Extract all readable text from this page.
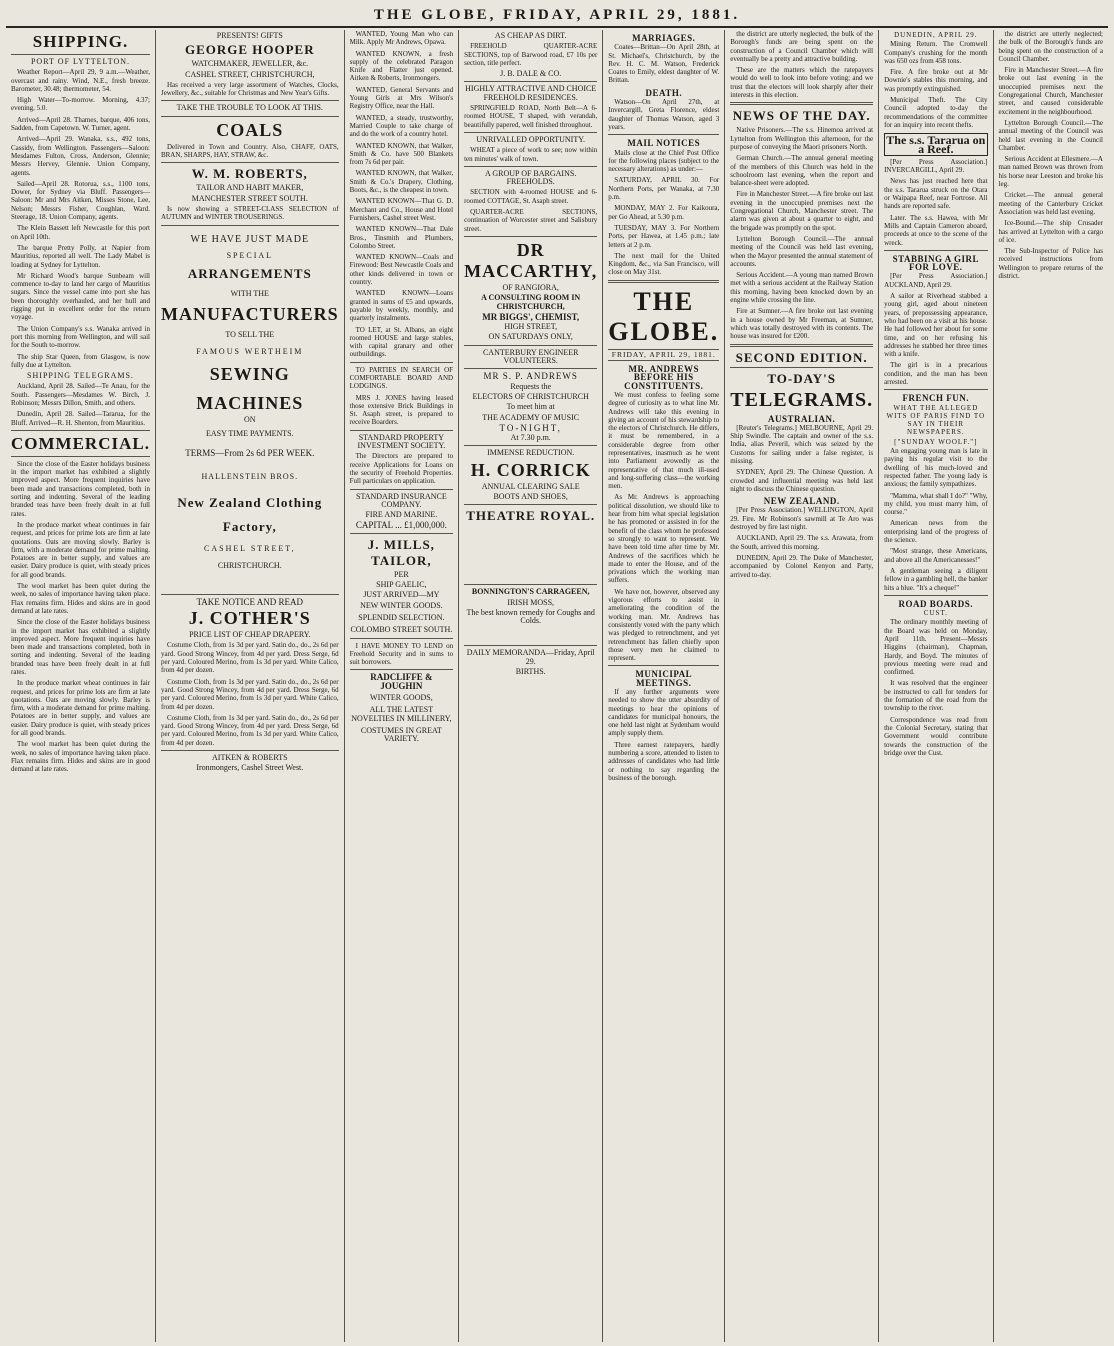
THE GLOBE, FRIDAY, APRIL 29, 1881.
SHIPPING.
PORT OF LYTTELTON.

Weather Report—April 29, 9 a.m.—Weather, overcast and rainy. Wind, N.E., fresh breeze. Barometer, 30.48; thermometer, 54.

High Water—To-morrow. Morning, 4.37; evening, 5.0.

Arrived—April 28. Thames, barque, 406 tons, Sadden, from Capetown. W. Turner, agent.

Arrived—April 29. Wanaka, s.s., 492 tons, Cassidy, from Wellington. Passengers—Saloon: Mesdames Fulton, Cross, Anderson, Glennie; Messrs Hervey, Glennie. Union Company, agents.

Sailed—April 28. Rotorua, s.s., 1100 tons, Dower, for Sydney via Bluff. Passengers—Saloon: Mr and Mrs Aitken, Misses Stone, Lee, Nelson; Messrs Fisher, Coughlan, Ward. Steerage, 18. Union Company, agents.

The Klein Bassett left Newcastle for this port on April 10th.

The barque Pretty Polly, at Napier from Mauritius, reported all well. The Lady Mabel is loading at Sydney for Lyttelton.

Mr Richard Wood's barque Sunbeam will commence to-day to land her cargo of Mauritius sugars. Since the vessel came into port she has been thoroughly overhauled, and her hull and rigging put in excellent order for the return voyage.

The Union Company's s.s. Wanaka arrived in port this morning from Wellington, and will sail for the South to-morrow.

The ship Star Queen, from Glasgow, is now fully due at Lyttelton.

SHIPPING TELEGRAMS.

Auckland, April 28. Sailed—Te Anau, for the South. Passengers—Mesdames W. Birch, J. Robinson; Messrs Dillon, Smith, and others.

Dunedin, April 28. Sailed—Tararua, for the Bluff. Arrived—R. H. Shenton, from Mauritius.

COMMERCIAL.

Since the close of the Easter holidays business in the import market has exhibited a slightly improved aspect. More frequent inquiries have been made and transactions completed, both in sorting and indenting. Several of the leading branded teas have been freely dealt in at full rates.

In the produce market wheat continues in fair request, and prices for prime lots are firm at late quotations. Oats are moving slowly. Barley is firm, with a moderate demand for prime malting. Potatoes are in better supply, and values are easier. Dairy produce is quiet, with steady prices for all good brands.

The wool market has been quiet during the week, no sales of importance having taken place. Flax remains firm. Hides and skins are in good demand at late rates.

Since the close of the Easter holidays business in the import market has exhibited a slightly improved aspect. More frequent inquiries have been made and transactions completed, both in sorting and indenting. Several of the leading branded teas have been freely dealt in at full rates.

In the produce market wheat continues in fair request, and prices for prime lots are firm at late quotations. Oats are moving slowly. Barley is firm, with a moderate demand for prime malting. Potatoes are in better supply, and values are easier. Dairy produce is quiet, with steady prices for all good brands.

The wool market has been quiet during the week, no sales of importance having taken place. Flax remains firm. Hides and skins are in good demand at late rates.

PRESENTS! GIFTS
GEORGE HOOPER
WATCHMAKER, JEWELLER, &c.
CASHEL STREET, CHRISTCHURCH,

Has received a very large assortment of Watches, Clocks, Jewellery, &c., suitable for Christmas and New Year's Gifts.

TAKE THE TROUBLE TO LOOK AT THIS.
COALS

Delivered in Town and Country. Also, CHAFF, OATS, BRAN, SHARPS, HAY, STRAW, &c.

W. M. ROBERTS,
TAILOR AND HABIT MAKER,
MANCHESTER STREET SOUTH.

Is now showing a STREET-CLASS SELECTION of AUTUMN and WINTER TROUSERINGS.

WE HAVE JUST MADE
SPECIAL
ARRANGEMENTS
WITH THE
MANUFACTURERS
TO SELL THE
FAMOUS WERTHEIM
SEWING
MACHINES
ON
EASY TIME PAYMENTS.
TERMS—From 2s 6d PER WEEK.
HALLENSTEIN BROS.
New Zealand Clothing
Factory,
CASHEL STREET,
CHRISTCHURCH.
TAKE NOTICE AND READ
J. COTHER'S
PRICE LIST OF CHEAP DRAPERY.

Costume Cloth, from 1s 3d per yard. Satin do., do., 2s 6d per yard. Good Strong Wincey, from 4d per yard. Dress Serge, 6d per yard. Coloured Merino, from 1s 3d per yard. White Calico, from 4d per dozen.

Costume Cloth, from 1s 3d per yard. Satin do., do., 2s 6d per yard. Good Strong Wincey, from 4d per yard. Dress Serge, 6d per yard. Coloured Merino, from 1s 3d per yard. White Calico, from 4d per dozen.

Costume Cloth, from 1s 3d per yard. Satin do., do., 2s 6d per yard. Good Strong Wincey, from 4d per yard. Dress Serge, 6d per yard. Coloured Merino, from 1s 3d per yard. White Calico, from 4d per dozen.

AITKEN & ROBERTS
Ironmongers, Cashel Street West.

WANTED, Young Man who can Milk. Apply Mr Andrews, Opawa.

WANTED KNOWN, a fresh supply of the celebrated Paragon Knife and Flatter just opened. Aitken & Roberts, Ironmongers.

WANTED, General Servants and Young Girls at Mrs Wilson's Registry Office, near the Hall.

WANTED, a steady, trustworthy, Married Couple to take charge of and do the work of a country hotel.

WANTED KNOWN, that Walker, Smith & Co. have 500 Blankets from 7s 6d per pair.

WANTED KNOWN, that Walker, Smith & Co.'s Drapery, Clothing, Boots, &c., is the cheapest in town.

WANTED KNOWN—That G. D. Merchant and Co., House and Hotel Furnishers, Cashel street West.

WANTED KNOWN—That Dale Bros., Tinsmith and Plumbers, Colombo Street.

WANTED KNOWN—Coals and Firewood: Best Newcastle Coals and other kinds delivered in town or country.

WANTED KNOWN—Loans granted in sums of £5 and upwards, payable by weekly, monthly, and quarterly instalments.

TO LET, at St. Albans, an eight roomed HOUSE and large stables, with capital granary and other outbuildings.

TO PARTIES IN SEARCH OF COMFORTABLE BOARD AND LODGINGS.

MRS J. JONES having leased those extensive Brick Buildings in St. Asaph street, is prepared to receive Boarders.

STANDARD PROPERTY INVESTMENT SOCIETY.

The Directors are prepared to receive Applications for Loans on the security of Freehold Properties. Full particulars on application.

STANDARD INSURANCE COMPANY.
FIRE AND MARINE.
CAPITAL ... £1,000,000.
J. MILLS, TAILOR,
PER
SHIP GAELIC,
JUST ARRIVED—MY
NEW WINTER GOODS.
SPLENDID SELECTION.
COLOMBO STREET SOUTH.

I HAVE MONEY TO LEND on Freehold Security and in sums to suit borrowers.

RADCLIFFE & JOUGHIN
WINTER GOODS,
ALL THE LATEST NOVELTIES IN MILLINERY,
COSTUMES IN GREAT VARIETY.
AS CHEAP AS DIRT.

FREEHOLD QUARTER-ACRE SECTIONS, top of Barwood road, £7 10s per section, title perfect.

J. B. DALE & CO.
HIGHLY ATTRACTIVE AND CHOICE FREEHOLD RESIDENCES.

SPRINGFIELD ROAD, North Belt—A 6-roomed HOUSE, T shaped, with verandah, beautifully papered, well finished throughout.

UNRIVALLED OPPORTUNITY.

WHEAT a piece of work to see; now within ten minutes' walk of town.

A GROUP OF BARGAINS. FREEHOLDS.

SECTION with 4-roomed HOUSE and 6-roomed COTTAGE, St. Asaph street.

QUARTER-ACRE SECTIONS, continuation of Worcester street and Salisbury street.

DR MACCARTHY,
OF RANGIORA,
A CONSULTING ROOM IN CHRISTCHURCH,
MR BIGGS', CHEMIST,
HIGH STREET,
ON SATURDAYS ONLY,
CANTERBURY ENGINEER VOLUNTEERS.
MR S. P. ANDREWS
Requests the
ELECTORS OF CHRISTCHURCH
To meet him at
THE ACADEMY OF MUSIC
TO-NIGHT,
At 7.30 p.m.
IMMENSE REDUCTION.
H. CORRICK
ANNUAL CLEARING SALE
BOOTS AND SHOES,
THEATRE ROYAL.
BONNINGTON'S CARRAGEEN,
IRISH MOSS,
The best known remedy for Coughs and Colds.
DAILY MEMORANDA—Friday, April 29.
BIRTHS.
MARRIAGES.

Coates—Brittan—On April 28th, at St. Michael's, Christchurch, by the Rev. H. C. M. Watson, Frederick Coates to Emily, eldest daughter of W. Brittan.

DEATH.

Watson—On April 27th, at Invercargill, Greta Florence, eldest daughter of Thomas Watson, aged 3 years.

MAIL NOTICES

Mails close at the Chief Post Office for the following places (subject to the necessary alterations) as under:—

SATURDAY, APRIL 30. For Northern Ports, per Wanaka, at 7.30 p.m.

MONDAY, MAY 2. For Kaikoura, per Go Ahead, at 5.30 p.m.

TUESDAY, MAY 3. For Northern Ports, per Hawea, at 1.45 p.m.; late letters at 2 p.m.

The next mail for the United Kingdom, &c., via San Francisco, will close on May 31st.

THE GLOBE.
FRIDAY, APRIL 29, 1881.
MR. ANDREWS BEFORE HIS CONSTITUENTS.

We must confess to feeling some degree of curiosity as to what line Mr. Andrews will take this evening in giving an account of his stewardship to the electors of Christchurch. He differs, it must be remembered, in a considerable degree from other representatives, inasmuch as he went into Parliament avowedly as the representative of that much ill-used and long-suffering class—the working men.

As Mr. Andrews is approaching political dissolution, we should like to hear from him what special legislation he has promoted or assisted in for the benefit of the class whom he professed so strongly to want to represent. We have been told time after time by Mr. Andrews of the sacrifices which he made to enter the House, and of the privations which the working man suffers.

We have not, however, observed any vigorous efforts to assist in ameliorating the condition of the working man. Mr. Andrews has consistently voted with the party which was pledged to retrenchment, and yet retrenchment has fallen chiefly upon those very men he claimed to represent.

MUNICIPAL MEETINGS.

If any further arguments were needed to show the utter absurdity of meetings to hear the opinions of candidates for municipal honours, the one held last night at Sydenham would amply supply them.

Three earnest ratepayers, hardly numbering a score, attended to listen to addresses of candidates who had little or nothing to say regarding the business of the borough.

the district are utterly neglected, the bulk of the Borough's funds are being spent on the construction of a Council Chamber which will eventually be a pretty and attractive building.

These are the matters which the ratepayers would do well to look into before voting; and we trust that the electors will look sharply after their interests in this election.

NEWS OF THE DAY.

Native Prisoners.—The s.s. Hinemoa arrived at Lyttelton from Wellington this afternoon, for the purpose of conveying the Maori prisoners North.

German Church.—The annual general meeting of the members of this Church was held in the schoolroom last evening, when the report and balance-sheet were adopted.

Fire in Manchester Street.—A fire broke out last evening in the unoccupied premises next the Congregational Church, Manchester street. The alarm was given at about a quarter to eight, and the brigade was promptly on the spot.

Lyttelton Borough Council.—The annual meeting of the Council was held last evening, when the Mayor presented the annual statement of accounts.

Serious Accident.—A young man named Brown met with a serious accident at the Railway Station this morning, having been knocked down by an engine while crossing the line.

Fire at Sumner.—A fire broke out last evening in a house owned by Mr Freeman, at Sumner, which was totally destroyed with its contents. The house was insured for £200.

SECOND EDITION.
TO-DAY'S
TELEGRAMS.
AUSTRALIAN.

[Reuter's Telegrams.] MELBOURNE, April 29. Ship Swindle. The captain and owner of the s.s. India, alias Peveril, which was seized by the Customs for sailing under a false register, is missing.

SYDNEY, April 29. The Chinese Question. A crowded and influential meeting was held last night to discuss the Chinese question.

NEW ZEALAND.

[Per Press Association.] WELLINGTON, April 29. Fire. Mr Robinson's sawmill at Te Aro was destroyed by fire last night.

AUCKLAND, April 29. The s.s. Arawata, from the South, arrived this morning.

DUNEDIN, April 29. The Duke of Manchester, accompanied by Colonel Kenyon and Party, arrived to-day.

DUNEDIN, APRIL 29.

Mining Return. The Cromwell Company's crushing for the month was 650 ozs from 458 tons.

Fire. A fire broke out at Mr Downie's stables this morning, and was promptly extinguished.

Municipal Theft. The City Council adopted to-day the recommendations of the committee for an inquiry into recent thefts.

The s.s. Tararua on a Reef.

[Per Press Association.] INVERCARGILL, April 29.

News has just reached here that the s.s. Tararua struck on the Otara or Waipapa Reef, near Fortrose. All hands are reported safe.

Later. The s.s. Hawea, with Mr Mills and Captain Cameron aboard, proceeds at once to the scene of the wreck.

STABBING A GIRL FOR LOVE.

[Per Press Association.] AUCKLAND, April 29.

A sailor at Riverhead stabbed a young girl, aged about nineteen years, of prepossessing appearance, who had been on a visit at his house. He had followed her about for some time, and on her refusing his addresses he stabbed her three times with a knife.

The girl is in a precarious condition, and the man has been arrested.

FRENCH FUN.
WHAT THE ALLEGED WITS OF PARIS FIND TO SAY IN THEIR NEWSPAPERS.
["SUNDAY WOOLF."]

An engaging young man is late in paying his regular visit to the dwelling of his much-loved and respected father. The young lady is anxious; the family sympathizes.

"Mamma, what shall I do?" "Why, my child, you must marry him, of course."

American news from the enterprising land of the progress of the science.

"Most strange, these Americans, and above all the Americanesses!"

A gentleman seeing a diligent fellow in a gambling hell, the banker hits a blue. "It's a cheque!"

ROAD BOARDS.
CUST.

The ordinary monthly meeting of the Board was held on Monday, April 11th. Present—Messrs Higgins (chairman), Chapman, Hardy, and Boyd. The minutes of previous meeting were read and confirmed.

It was resolved that the engineer be instructed to call for tenders for the formation of the road from the township to the river.

Correspondence was read from the Colonial Secretary, stating that Government would contribute towards the construction of the bridge over the Cust.

the district are utterly neglected; the bulk of the Borough's funds are being spent on the construction of a Council Chamber.

Fire in Manchester Street.—A fire broke out last evening in the unoccupied premises next the Congregational Church, Manchester street, and caused considerable excitement in the neighbourhood.

Lyttelton Borough Council.—The annual meeting of the Council was held last evening in the Council Chamber.

Serious Accident at Ellesmere.—A man named Brown was thrown from his horse near Leeston and broke his leg.

Cricket.—The annual general meeting of the Canterbury Cricket Association was held last evening.

Ice-Bound.—The ship Crusader has arrived at Lyttelton with a cargo of ice.

The Sub-Inspector of Police has received instructions from Wellington to prepare returns of the district.
